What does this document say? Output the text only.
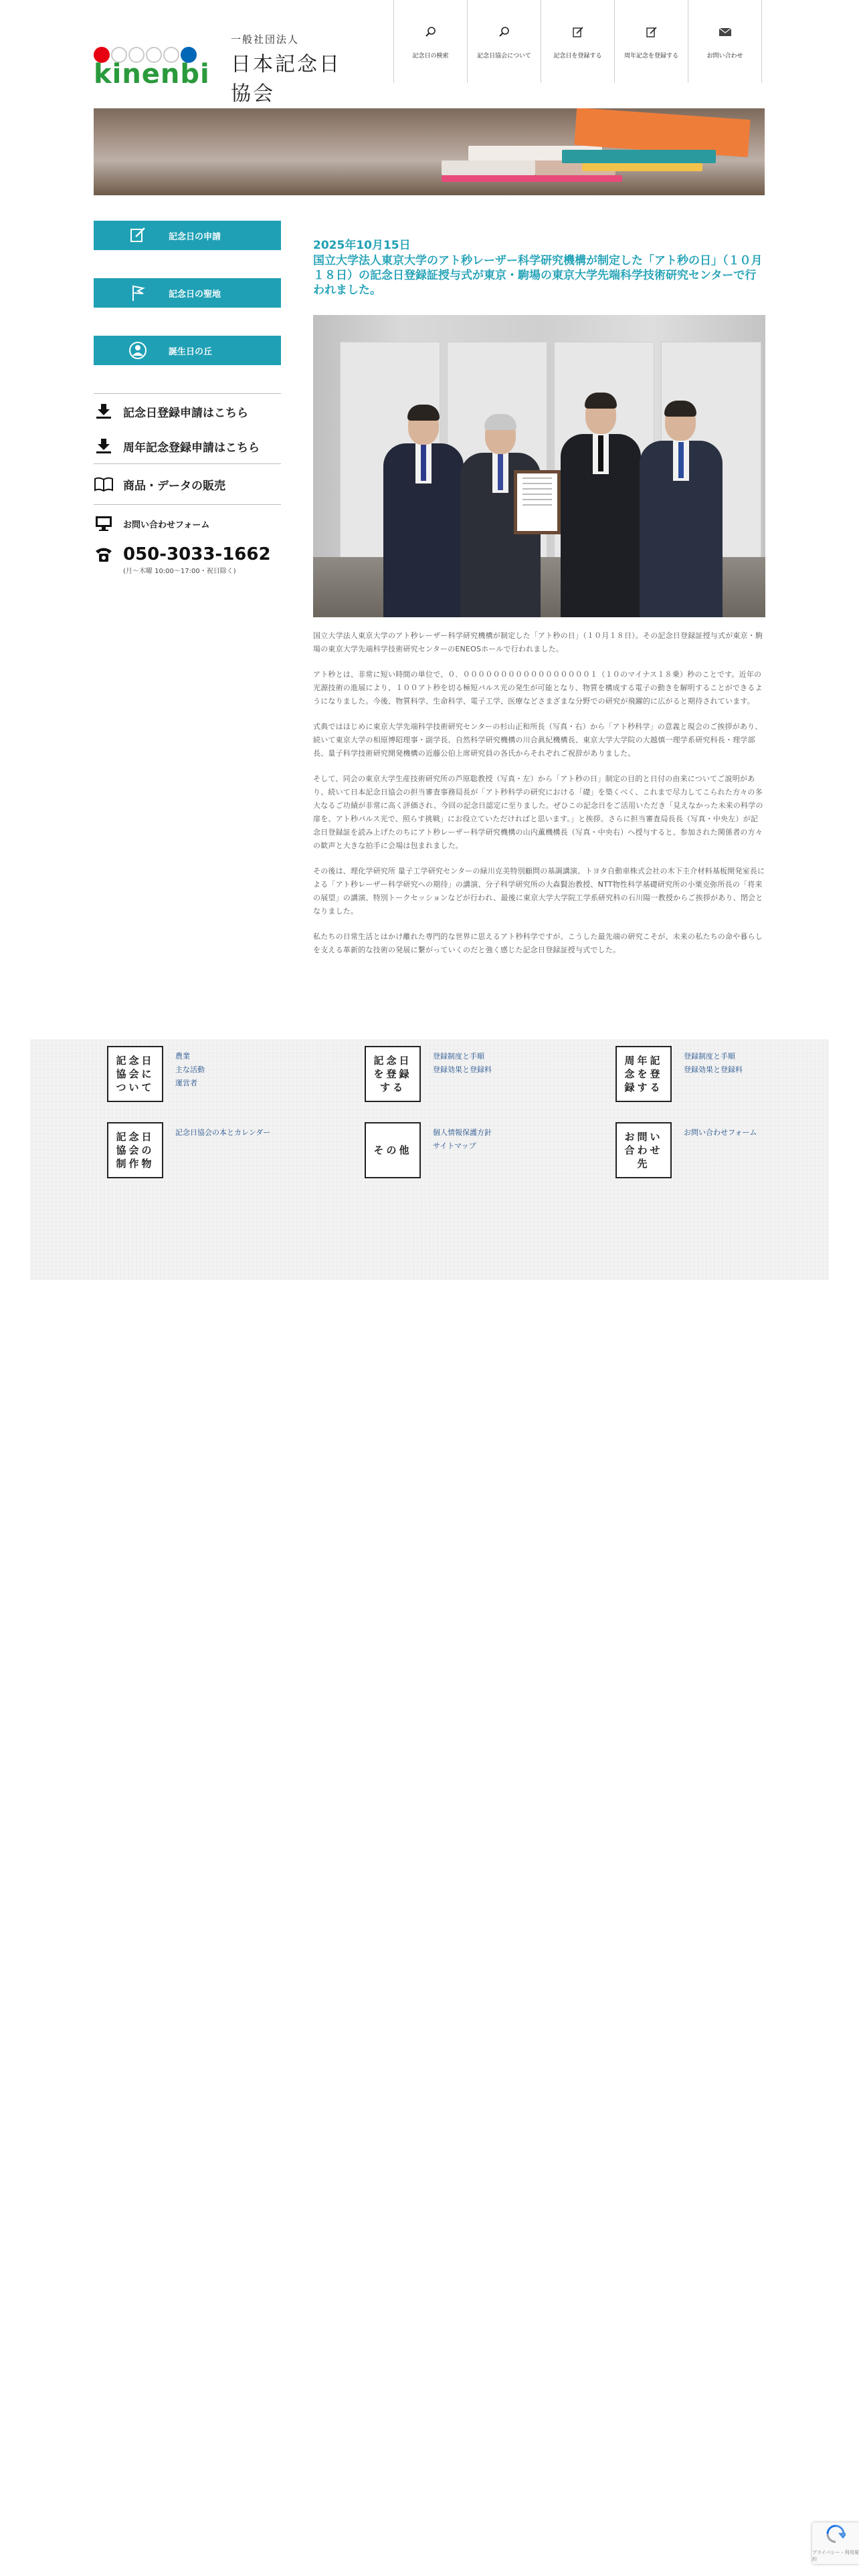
kinenbi
一般社団法人
日本記念日協会
記念日の検索	記念日協会について	記念日を登録する	周年記念を登録する	お問い合わせ
記念日の申請
記念日の聖地
誕生日の丘
記念日登録申請はこちら
周年記念登録申請はこちら
商品・データの販売
お問い合わせフォーム
050-3033-1662
(月〜木曜 10:00〜17:00・祝日除く)
2025年10月15日
国立大学法人東京大学のアト秒レーザー科学研究機構が制定した「アト秒の日」（１０月１８日）の記念日登録証授与式が東京・駒場の東京大学先端科学技術研究センターで行われました。

国立大学法人東京大学のアト秒レーザー科学研究機構が制定した「アト秒の日」（１０月１８日）。その記念日登録証授与式が東京・駒場の東京大学先端科学技術研究センターのENEOSホールで行われました。

アト秒とは、非常に短い時間の単位で、０．０００００００００００００００００１（１０のマイナス１８乗）秒のことです。近年の光源技術の進展により、１００アト秒を切る極短パルス光の発生が可能となり、物質を構成する電子の動きを解明することができるようになりました。今後、物質科学、生命科学、電子工学、医療などさまざまな分野での研究が飛躍的に広がると期待されています。

式典ではほじめに東京大学先端科学技術研究センターの杉山正和所長（写真・右）から「アト秒科学」の意義と現会のご挨拶があり、続いて東京大学の相原博昭理事・副学長、自然科学研究機構の川合眞紀機構長、東京大学大学院の大越慎一理学系研究科長・理学部長、量子科学技術研究開発機構の近藤公伯上席研究員の各氏からそれぞれご祝辞がありました。

そして、同会の東京大学生産技術研究所の芦原聡教授（写真・左）から「アト秒の日」制定の目的と日付の由来についてご説明があり、続いて日本記念日協会の担当審査事務局長が「アト秒科学の研究における「礎」を築くべく、これまで尽力してこられた方々の多大なるご功績が非常に高く評価され、今回の記念日認定に至りました。ぜひこの記念日をご活用いただき「見えなかった未来の科学の扉を、アト秒パルス光で、照らす挑戦」にお役立ていただければと思います。」と挨拶。さらに担当審査局長長（写真・中央左）が記念日登録証を読み上げたのちにアト秒レーザー科学研究機構の山内薫機構長（写真・中央右）へ授与すると、参加された関係者の方々の歓声と大きな拍手に会場は包まれました。

その後は、理化学研究所 量子工学研究センターの緑川克美特別顧問の基調講演、トヨタ自動車株式会社の木下圭介材料基板開発室長による「アト秒レーザー科学研究への期待」の講演、分子科学研究所の大森賢治教授、NTT物性科学基礎研究所の小栗克弥所長の「将来の展望」の講演、特別トークセッションなどが行われ、最後に東京大学大学院工学系研究科の石川陽一教授からご挨拶があり、閉会となりました。

私たちの日常生活とはかけ離れた専門的な世界に思えるアト秒科学ですが、こうした最先端の研究こそが、未来の私たちの命や暮らしを支える革新的な技術の発展に繋がっていくのだと強く感じた記念日登録証授与式でした。

記念日
協会に
ついて
農業
主な活動
運営者
記念日
を登録
する
登録制度と手順
登録効果と登録料
周年記
念を登
録する
登録制度と手順
登録効果と登録料
記念日
協会の
制作物
記念日協会の本とカレンダー
その他
個人情報保護方針
サイトマップ
お問い
合わせ
先
お問い合わせフォーム
プライバシー・利用規約
